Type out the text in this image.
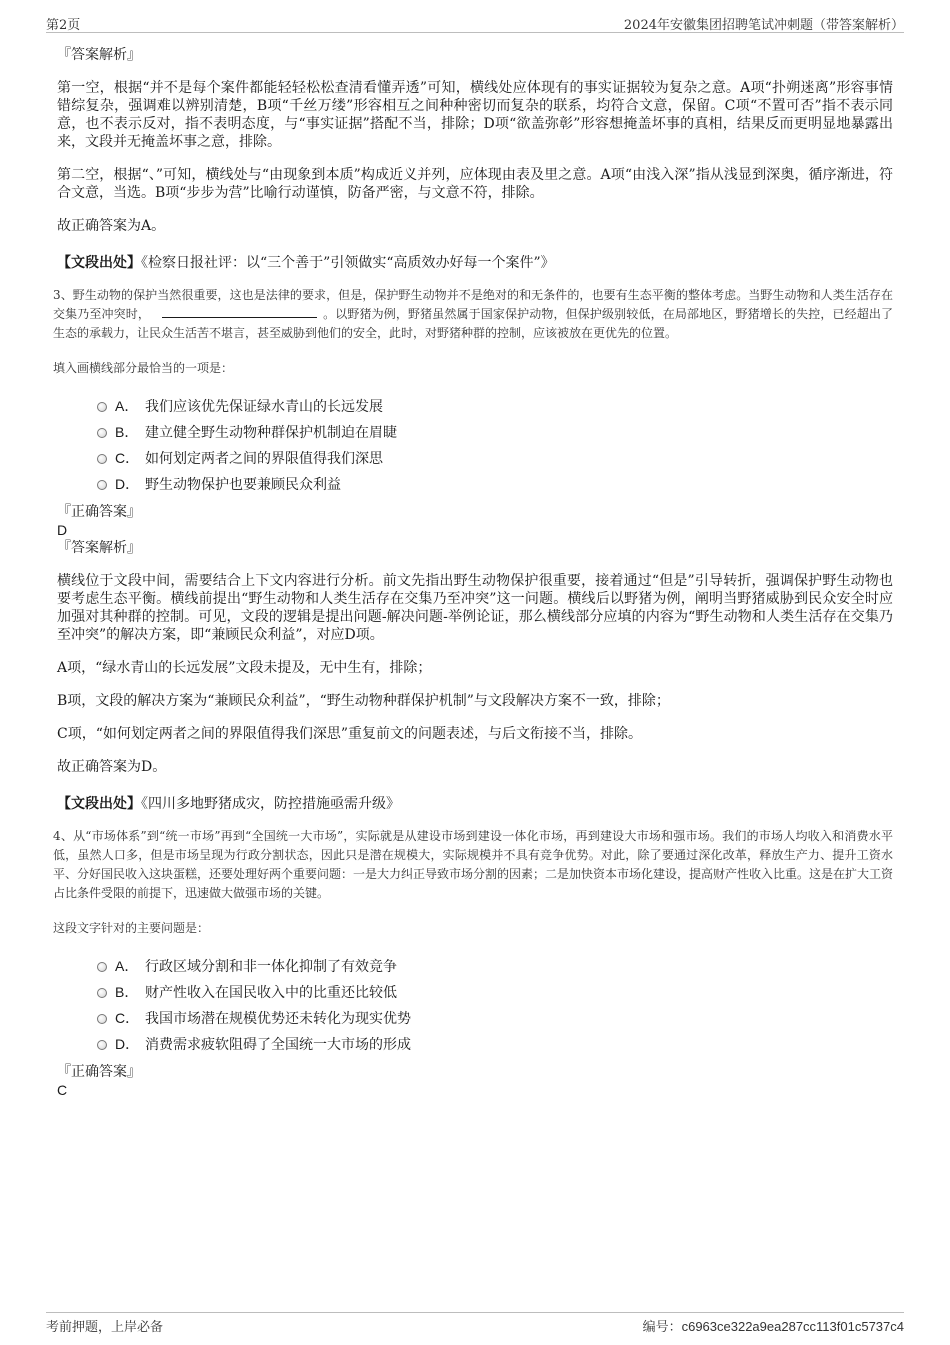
第2页	2024年安徽集团招聘笔试冲刺题（带答案解析）

『答案解析』

第一空，根据“并不是每个案件都能轻轻松松查清看懂弄透”可知，横线处应体现有的事实证据较为复杂之意。A项“扑朔迷离”形容事情错综复杂，强调难以辨别清楚，B项“千丝万缕”形容相互之间种种密切而复杂的联系，均符合文意，保留。C项“不置可否”指不表示同意，也不表示反对，指不表明态度，与“事实证据”搭配不当，排除；D项“欲盖弥彰”形容想掩盖坏事的真相，结果反而更明显地暴露出来，文段并无掩盖坏事之意，排除。

第二空，根据“、”可知，横线处与“由现象到本质”构成近义并列，应体现由表及里之意。A项“由浅入深”指从浅显到深奥，循序渐进，符合文意，当选。B项“步步为营”比喻行动谨慎，防备严密，与文意不符，排除。

故正确答案为A。

【文段出处】《检察日报社评：以“三个善于”引领做实“高质效办好每一个案件”》

3、野生动物的保护当然很重要，这也是法律的要求，但是，保护野生动物并不是绝对的和无条件的，也要有生态平衡的整体考虑。当野生动物和人类生活存在交集乃至冲突时，	。以野猪为例，野猪虽然属于国家保护动物，但保护级别较低，在局部地区，野猪增长的失控，已经超出了生态的承载力，让民众生活苦不堪言，甚至威胁到他们的安全，此时，对野猪种群的控制，应该被放在更优先的位置。

填入画横线部分最恰当的一项是：

A． 我们应该优先保证绿水青山的长远发展
B． 建立健全野生动物种群保护机制迫在眉睫
C． 如何划定两者之间的界限值得我们深思
D． 野生动物保护也要兼顾民众利益

『正确答案』

D

『答案解析』

横线位于文段中间，需要结合上下文内容进行分析。前文先指出野生动物保护很重要，接着通过“但是”引导转折，强调保护野生动物也要考虑生态平衡。横线前提出“野生动物和人类生活存在交集乃至冲突”这一问题。横线后以野猪为例，阐明当野猪威胁到民众安全时应加强对其种群的控制。可见，文段的逻辑是提出问题-解决问题-举例论证，那么横线部分应填的内容为“野生动物和人类生活存在交集乃至冲突”的解决方案，即“兼顾民众利益”，对应D项。

A项，“绿水青山的长远发展”文段未提及，无中生有，排除；

B项，文段的解决方案为“兼顾民众利益”，“野生动物种群保护机制”与文段解决方案不一致，排除；

C项，“如何划定两者之间的界限值得我们深思”重复前文的问题表述，与后文衔接不当，排除。

故正确答案为D。

【文段出处】《四川多地野猪成灾，防控措施亟需升级》

4、从“市场体系”到“统一市场”再到“全国统一大市场”，实际就是从建设市场到建设一体化市场，再到建设大市场和强市场。我们的市场人均收入和消费水平低，虽然人口多，但是市场呈现为行政分割状态，因此只是潜在规模大，实际规模并不具有竞争优势。对此，除了要通过深化改革，释放生产力、提升工资水平、分好国民收入这块蛋糕，还要处理好两个重要问题：一是大力纠正导致市场分割的因素；二是加快资本市场化建设，提高财产性收入比重。这是在扩大工资占比条件受限的前提下，迅速做大做强市场的关键。

这段文字针对的主要问题是：

A． 行政区域分割和非一体化抑制了有效竞争
B． 财产性收入在国民收入中的比重还比较低
C． 我国市场潜在规模优势还未转化为现实优势
D． 消费需求疲软阻碍了全国统一大市场的形成

『正确答案』

C

考前押题，上岸必备	编号：c6963ce322a9ea287cc113f01c5737c4
